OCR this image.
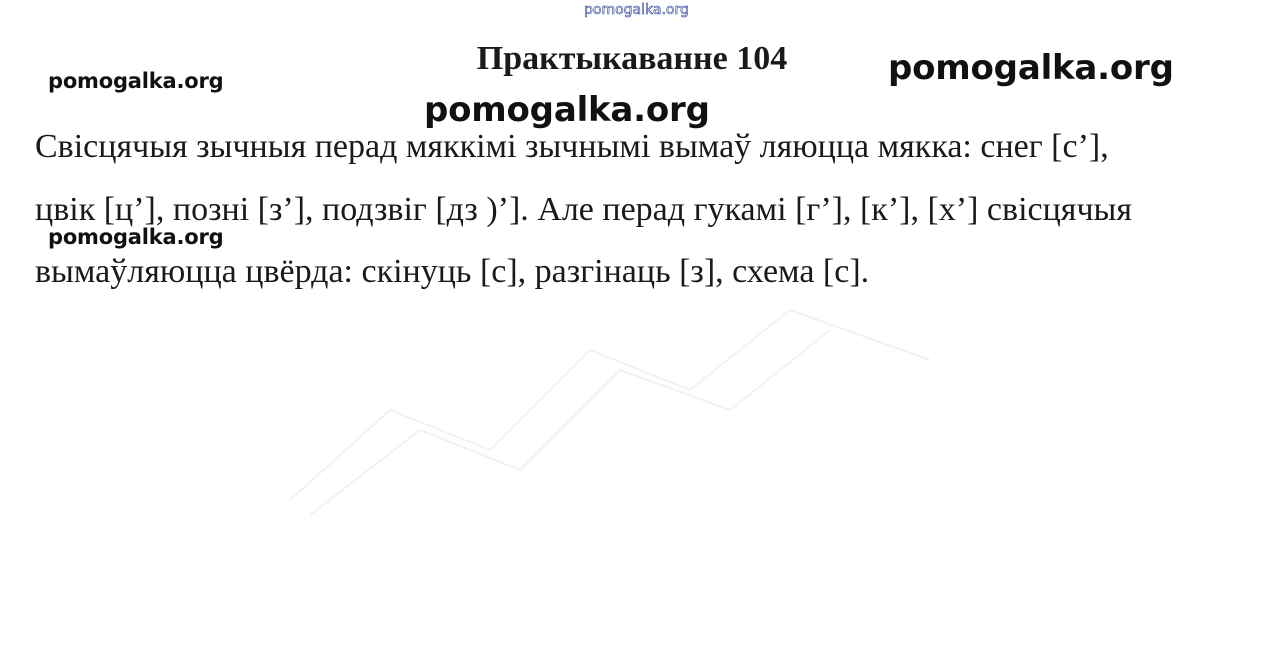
pomogalka.org
Практыкаванне 104
pomogalka.org	pomogalka.org
Свісцячыя зычныя перад мяккімі зычнымі вымаў ляюцца мякка: снег [с’],
цвік [ц’], позні [з’], подзвіг [дз )’]. Але перад гукамі [г’], [к’], [х’] свісцячыя
вымаўляюцца цвёрда: скінуць [с], разгінаць [з], схема [с].
pomogalka.org
pomogalka.org
